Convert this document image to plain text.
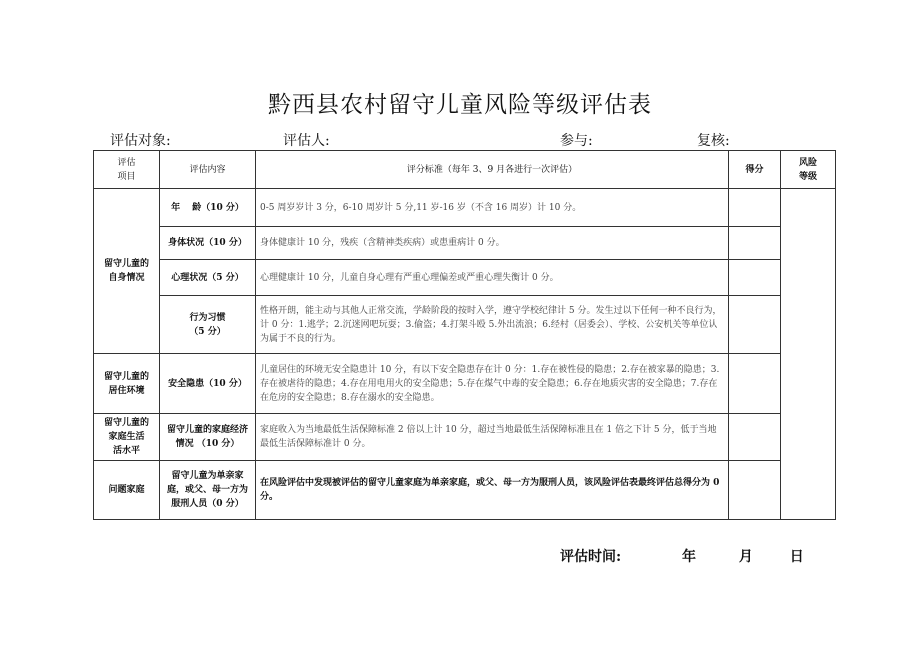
黔西县农村留守儿童风险等级评估表
评估对象:	评估人:	参与:	复核:
评估
项目	评估内容	评分标准（每年 3、9 月各进行一次评估）	得分	风险
等级
留守儿童的
自身情况	年　 龄（10 分）	0-5 周岁岁计 3 分，6-10 周岁计 5 分,11 岁-16 岁（不含 16 周岁）计 10 分。		
	身体状况（10 分）	身体健康计 10 分，残疾（含精神类疾病）或患重病计 0 分。		
	心理状况（5 分）	心理健康计 10 分，儿童自身心理有严重心理偏差或严重心理失衡计 0 分。		
	行为习惯
（5 分）	性格开朗，能主动与其他人正常交流，学龄阶段的按时入学，遵守学校纪律计 5 分。发生过以下任何一种不良行为，计 0 分：1.逃学；2.沉迷网吧玩耍；3.偷盗；4.打架斗殴 5.外出流浪；6.经村（居委会）、学校、公安机关等单位认为属于不良的行为。		
留守儿童的
居住环境	安全隐患（10 分）	儿童居住的环境无安全隐患计 10 分，有以下安全隐患存在计 0 分：1.存在被性侵的隐患；2.存在被家暴的隐患；3.存在被虐待的隐患；4.存在用电用火的安全隐患；5.存在煤气中毒的安全隐患；6.存在地质灾害的安全隐患；7.存在在危房的安全隐患；8.存在溺水的安全隐患。		
留守儿童的
家庭生活
活水平	留守儿童的家庭经济情况 （10 分）	家庭收入为当地最低生活保障标准 2 倍以上计 10 分，超过当地最低生活保障标准且在 1 倍之下计 5 分，低于当地最低生活保障标准计 0 分。		
问题家庭	留守儿童为单亲家庭，或父、母一方为服刑人员（0 分）	在风险评估中发现被评估的留守儿童家庭为单亲家庭，或父、母一方为服刑人员，该风险评估表最终评估总得分为 0 分。		
评估时间:	年	月	日
